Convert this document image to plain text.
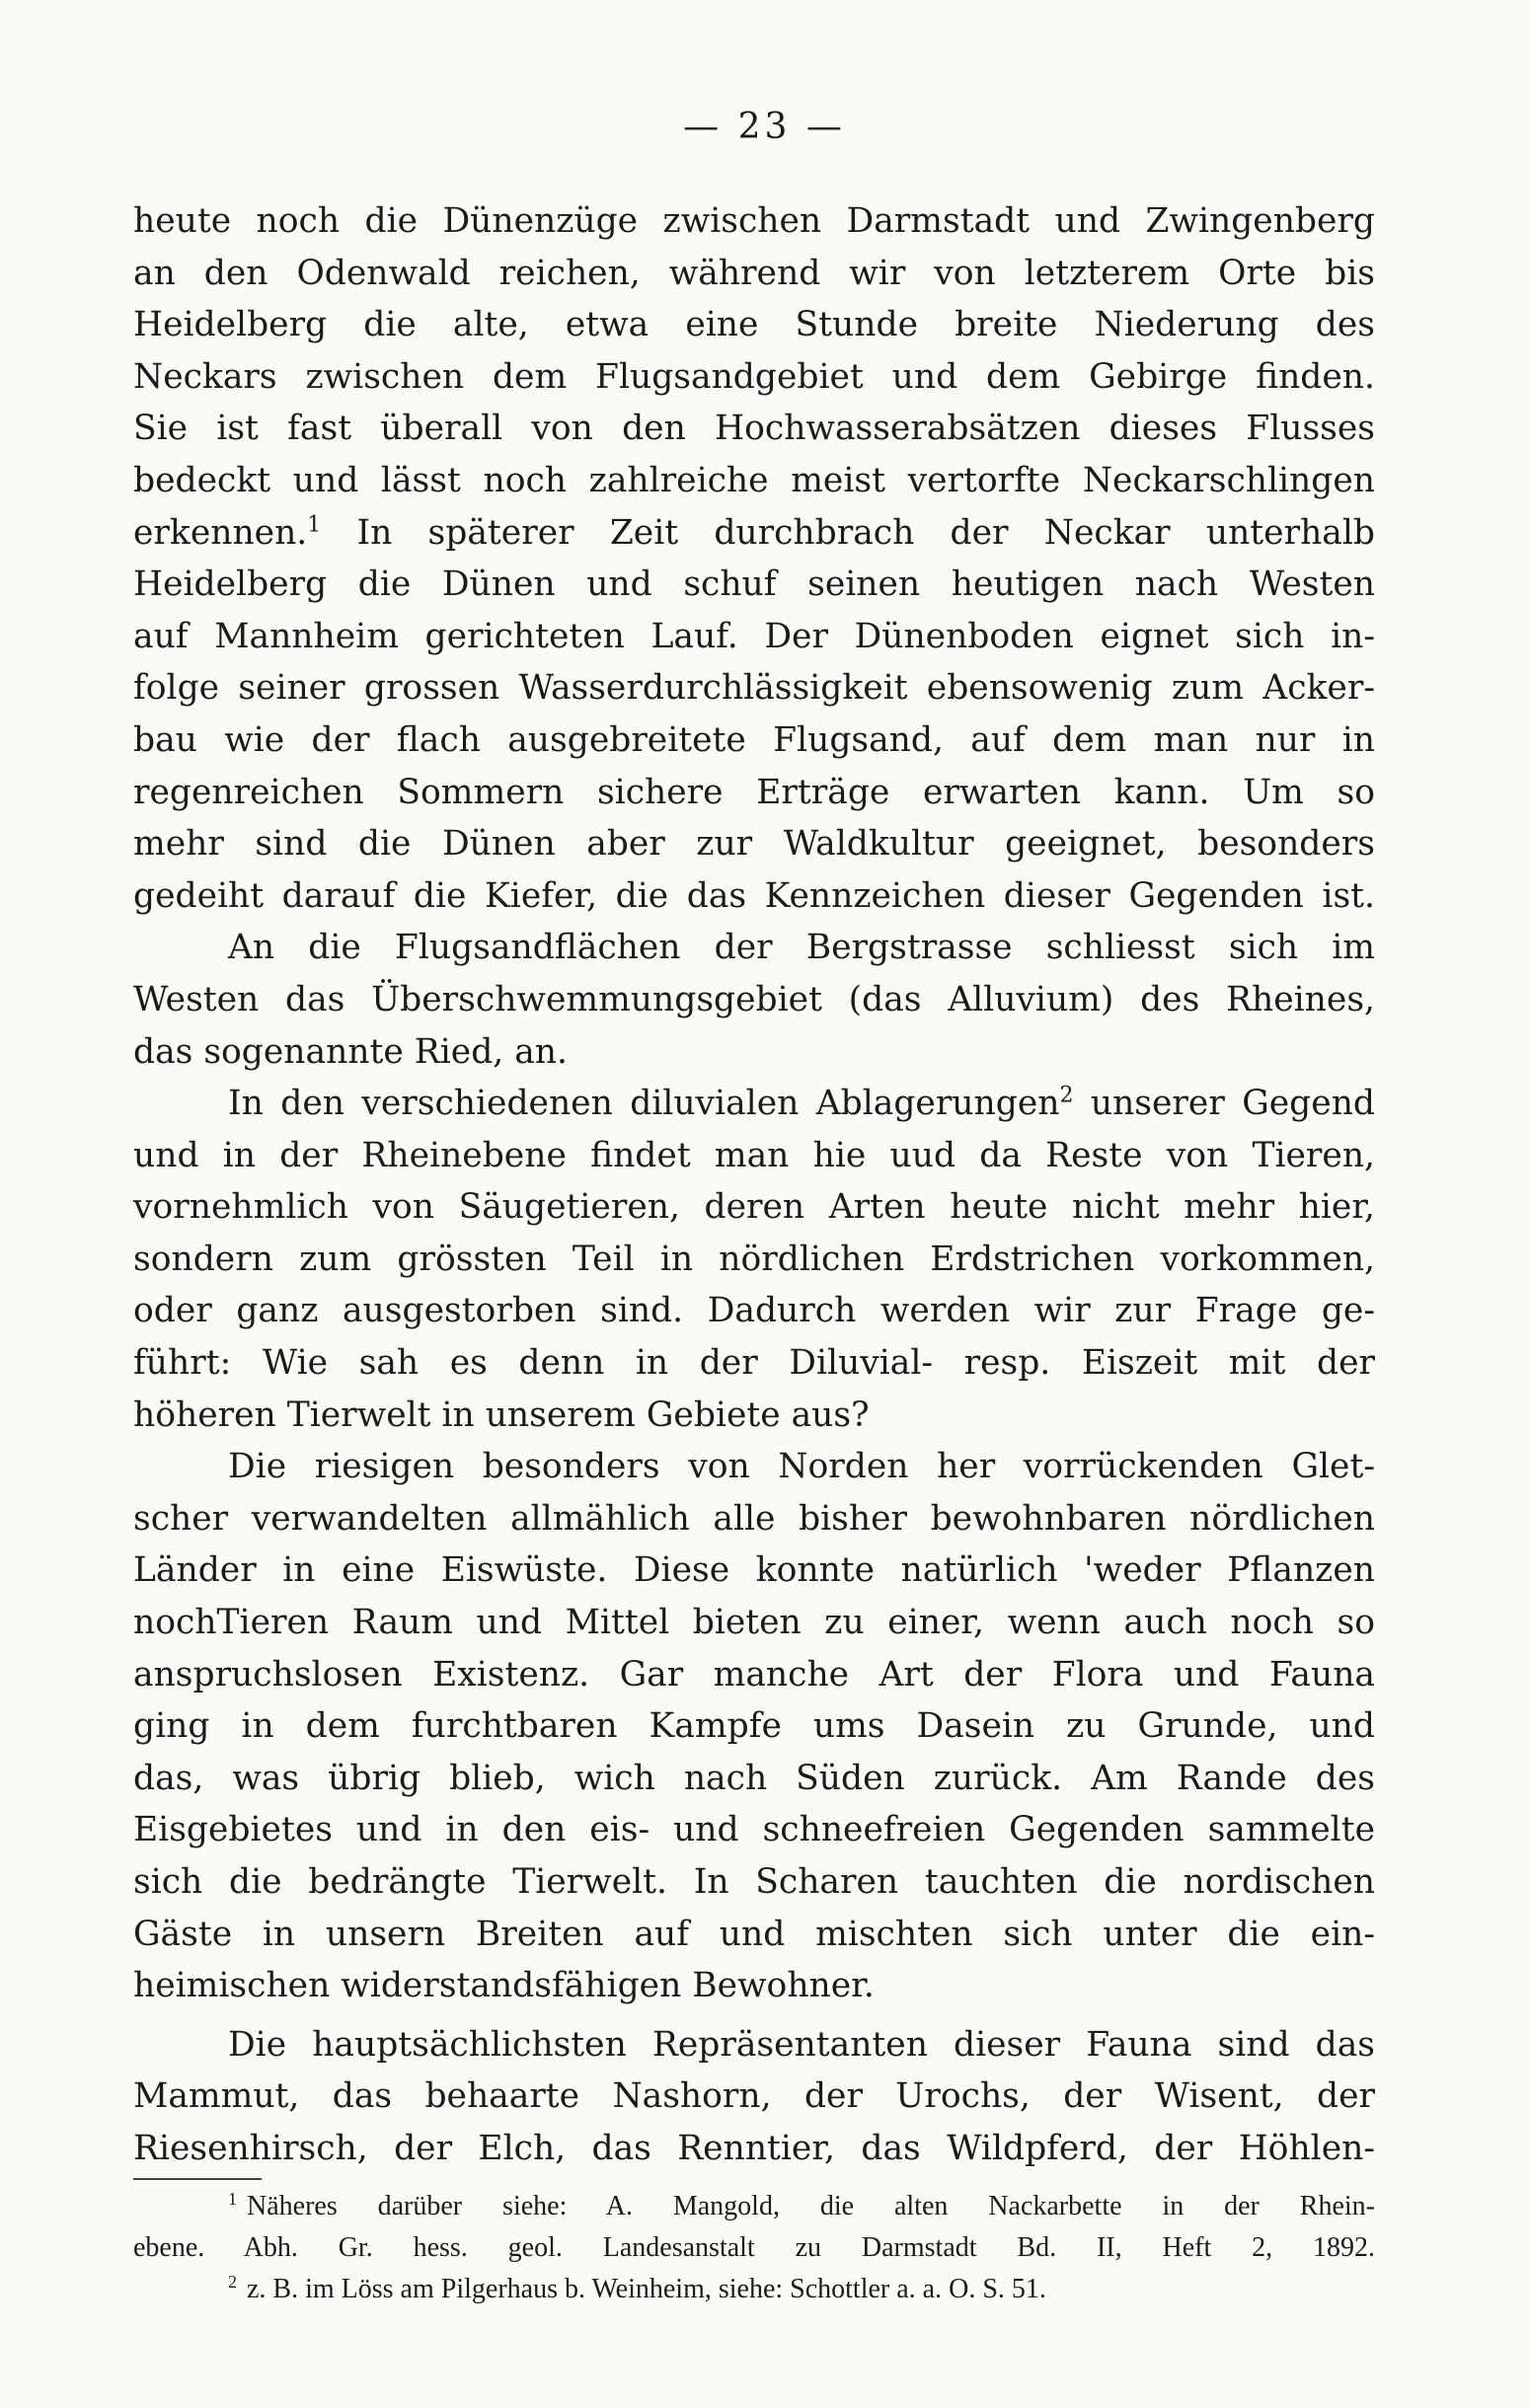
— 23 —
heute noch die Dünenzüge zwischen Darmstadt und Zwingenberg
an den Odenwald reichen, während wir von letzterem Orte bis
Heidelberg die alte, etwa eine Stunde breite Niederung des
Neckars zwischen dem Flugsandgebiet und dem Gebirge finden.
Sie ist fast überall von den Hochwasserabsätzen dieses Flusses
bedeckt und lässt noch zahlreiche meist vertorfte Neckarschlingen
erkennen.$^1$ In späterer Zeit durchbrach der Neckar unterhalb
Heidelberg die Dünen und schuf seinen heutigen nach Westen
auf Mannheim gerichteten Lauf. Der Dünenboden eignet sich in-
folge seiner grossen Wasserdurchlässigkeit ebensowenig zum Acker-
bau wie der flach ausgebreitete Flugsand, auf dem man nur in
regenreichen Sommern sichere Erträge erwarten kann. Um so
mehr sind die Dünen aber zur Waldkultur geeignet, besonders
gedeiht darauf die Kiefer, die das Kennzeichen dieser Gegenden ist.
An die Flugsandflächen der Bergstrasse schliesst sich im
Westen das Überschwemmungsgebiet (das Alluvium) des Rheines,
das sogenannte Ried, an.
In den verschiedenen diluvialen Ablagerungen$^2$ unserer Gegend
und in der Rheinebene findet man hie uud da Reste von Tieren,
vornehmlich von Säugetieren, deren Arten heute nicht mehr hier,
sondern zum grössten Teil in nördlichen Erdstrichen vorkommen,
oder ganz ausgestorben sind. Dadurch werden wir zur Frage ge-
führt: Wie sah es denn in der Diluvial- resp. Eiszeit mit der
höheren Tierwelt in unserem Gebiete aus?
Die riesigen besonders von Norden her vorrückenden Glet-
scher verwandelten allmählich alle bisher bewohnbaren nördlichen
Länder in eine Eiswüste. Diese konnte natürlich 'weder Pflanzen
nochTieren Raum und Mittel bieten zu einer, wenn auch noch so
anspruchslosen Existenz. Gar manche Art der Flora und Fauna
ging in dem furchtbaren Kampfe ums Dasein zu Grunde, und
das, was übrig blieb, wich nach Süden zurück. Am Rande des
Eisgebietes und in den eis- und schneefreien Gegenden sammelte
sich die bedrängte Tierwelt. In Scharen tauchten die nordischen
Gäste in unsern Breiten auf und mischten sich unter die ein-
heimischen widerstandsfähigen Bewohner.
Die hauptsächlichsten Repräsentanten dieser Fauna sind das
Mammut, das behaarte Nashorn, der Urochs, der Wisent, der
Riesenhirsch, der Elch, das Renntier, das Wildpferd, der Höhlen-
$^1$ Näheres darüber siehe: A. Mangold, die alten Nackarbette in der Rhein-
ebene. Abh. Gr. hess. geol. Landesanstalt zu Darmstadt Bd. II, Heft 2, 1892.
$^2$ z. B. im Löss am Pilgerhaus b. Weinheim, siehe: Schottler a. a. O. S. 51.
